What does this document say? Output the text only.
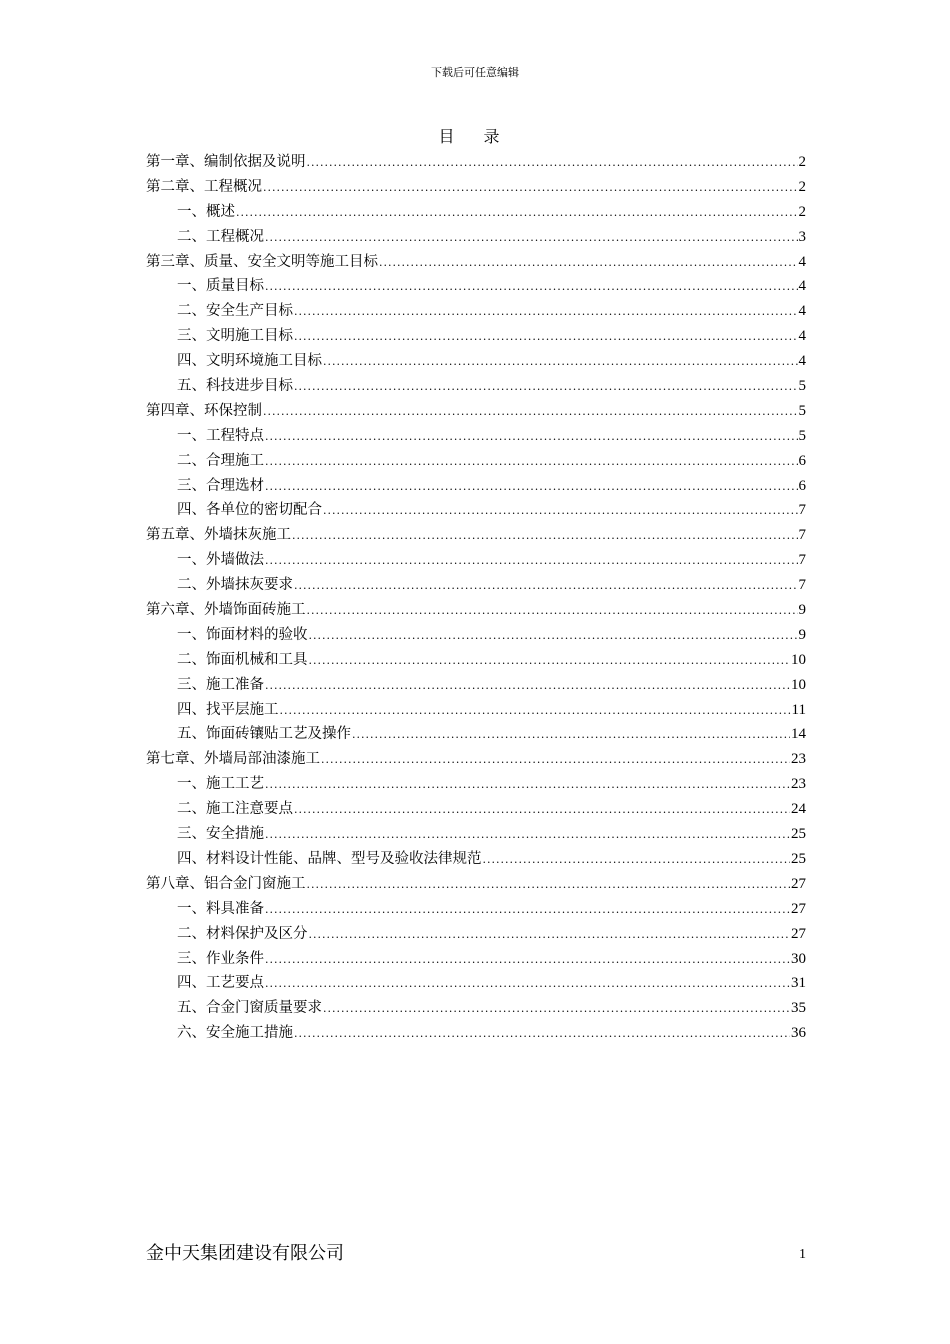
下载后可任意编辑
目 录
第一章、编制依据及说明 .....	2
第二章、工程概况 .....	2
一、概述 .....	2
二、工程概况 .....	3
第三章、质量、安全文明等施工目标 .....	4
一、质量目标 .....	4
二、安全生产目标 .....	4
三、文明施工目标 .....	4
四、文明环境施工目标 .....	4
五、科技进步目标 .....	5
第四章、环保控制 .....	5
一、工程特点 .....	5
二、合理施工 .....	6
三、合理选材 .....	6
四、各单位的密切配合 .....	7
第五章、外墙抹灰施工 .....	7
一、外墙做法 .....	7
二、外墙抹灰要求 .....	7
第六章、外墙饰面砖施工 .....	9
一、饰面材料的验收 .....	9
二、饰面机械和工具 .....	10
三、施工准备 .....	10
四、找平层施工 .....	11
五、饰面砖镶贴工艺及操作 .....	14
第七章、外墙局部油漆施工 .....	23
一、施工工艺 .....	23
二、施工注意要点 .....	24
三、安全措施 .....	25
四、材料设计性能、品牌、型号及验收法律规范 .....	25
第八章、铝合金门窗施工 .....	27
一、料具准备 .....	27
二、材料保护及区分 .....	27
三、作业条件 .....	30
四、工艺要点 .....	31
五、合金门窗质量要求 .....	35
六、安全施工措施 .....	36
金中天集团建设有限公司	1
